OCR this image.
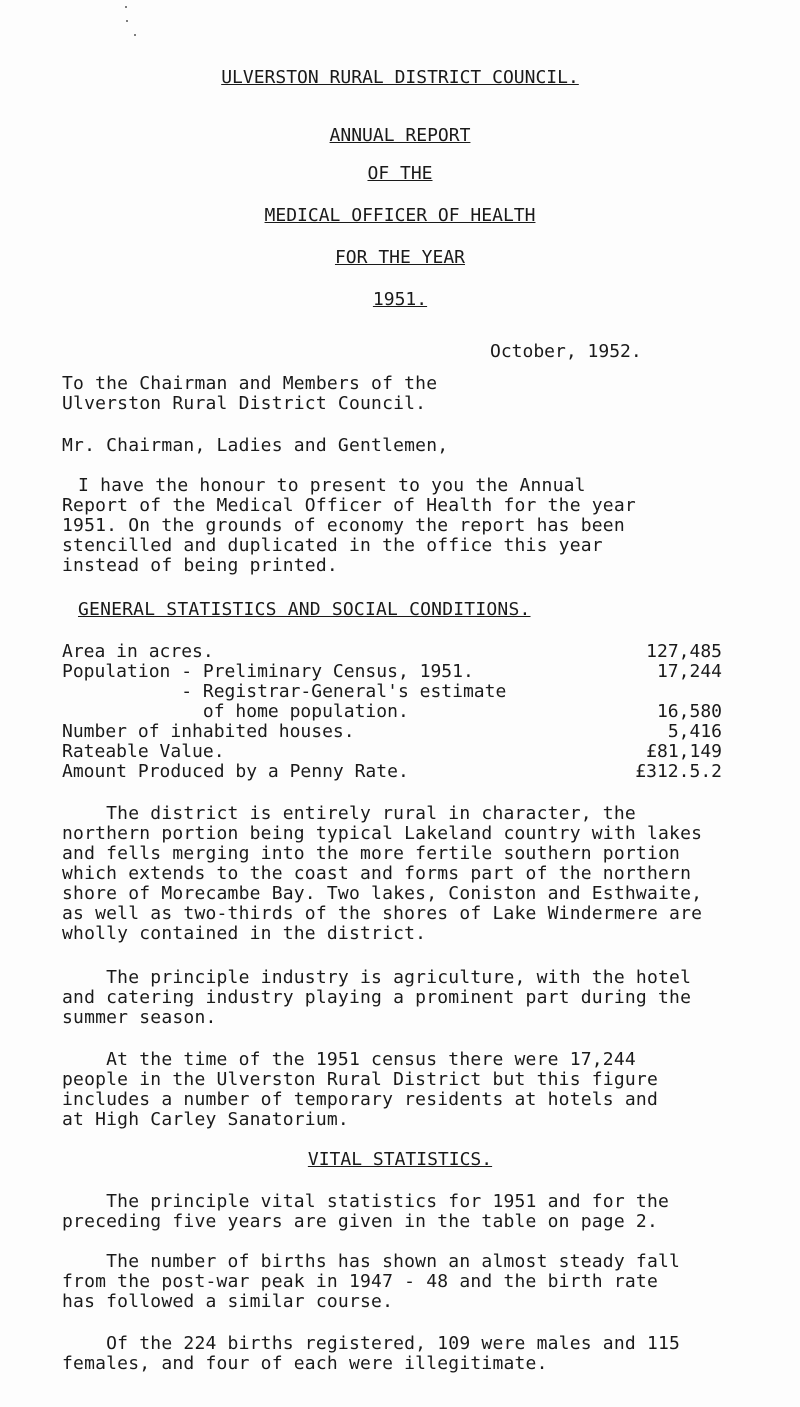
ULVERSTON RURAL DISTRICT COUNCIL.
ANNUAL REPORT
OF THE
MEDICAL OFFICER OF HEALTH
FOR THE YEAR
1951.
October, 1952.
To the Chairman and Members of the
Ulverston Rural District Council.
Mr. Chairman, Ladies and Gentlemen,
I have the honour to present to you the Annual
Report of the Medical Officer of Health for the year
1951. On the grounds of economy the report has been
stencilled and duplicated in the office this year
instead of being printed.
GENERAL STATISTICS AND SOCIAL CONDITIONS.
Area in acres.	127,485
Population - Preliminary Census, 1951.	17,244
- Registrar-General's estimate
of home population.	16,580
Number of inhabited houses.	5,416
Rateable Value.	£81,149
Amount Produced by a Penny Rate.	£312.5.2
The district is entirely rural in character, the
northern portion being typical Lakeland country with lakes
and fells merging into the more fertile southern portion
which extends to the coast and forms part of the northern
shore of Morecambe Bay. Two lakes, Coniston and Esthwaite,
as well as two-thirds of the shores of Lake Windermere are
wholly contained in the district.
The principle industry is agriculture, with the hotel
and catering industry playing a prominent part during the
summer season.
At the time of the 1951 census there were 17,244
people in the Ulverston Rural District but this figure
includes a number of temporary residents at hotels and
at High Carley Sanatorium.
VITAL STATISTICS.
The principle vital statistics for 1951 and for the
preceding five years are given in the table on page 2.
The number of births has shown an almost steady fall
from the post-war peak in 1947 - 48 and the birth rate
has followed a similar course.
Of the 224 births registered, 109 were males and 115
females, and four of each were illegitimate.
